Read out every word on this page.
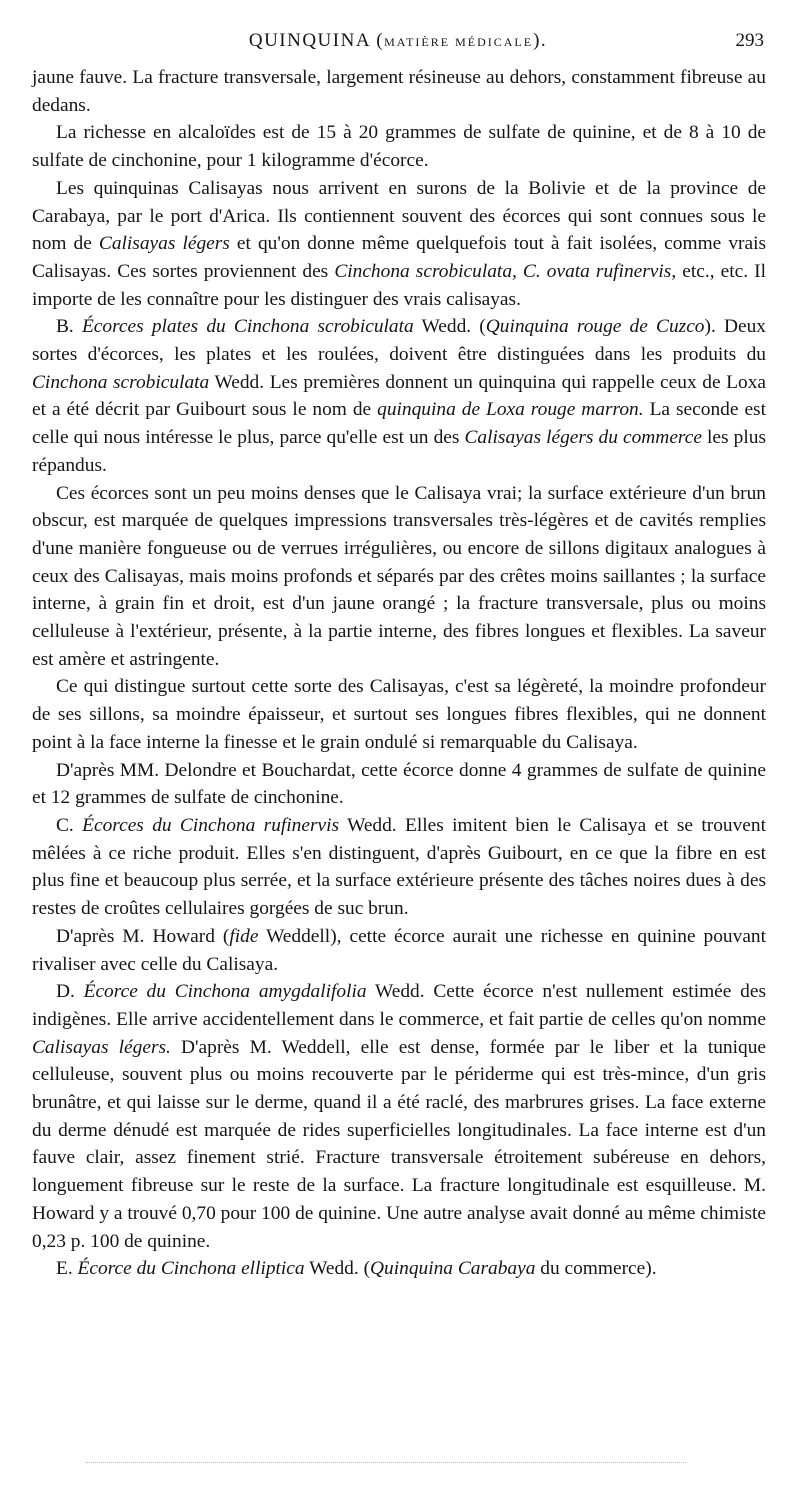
QUINQUINA (MATIÈRE MÉDICALE).	293

jaune fauve. La fracture transversale, largement résineuse au dehors, constamment fibreuse au dedans.

La richesse en alcaloïdes est de 15 à 20 grammes de sulfate de quinine, et de 8 à 10 de sulfate de cinchonine, pour 1 kilogramme d'écorce.

Les quinquinas Calisayas nous arrivent en surons de la Bolivie et de la province de Carabaya, par le port d'Arica. Ils contiennent souvent des écorces qui sont connues sous le nom de Calisayas légers et qu'on donne même quelquefois tout à fait isolées, comme vrais Calisayas. Ces sortes proviennent des Cinchona scrobiculata, C. ovata rufinervis, etc., etc. Il importe de les connaître pour les distinguer des vrais calisayas.

B. Écorces plates du Cinchona scrobiculata Wedd. (Quinquina rouge de Cuzco). Deux sortes d'écorces, les plates et les roulées, doivent être distinguées dans les produits du Cinchona scrobiculata Wedd. Les premières donnent un quinquina qui rappelle ceux de Loxa et a été décrit par Guibourt sous le nom de quinquina de Loxa rouge marron. La seconde est celle qui nous intéresse le plus, parce qu'elle est un des Calisayas légers du commerce les plus répandus.

Ces écorces sont un peu moins denses que le Calisaya vrai; la surface extérieure d'un brun obscur, est marquée de quelques impressions transversales très-légères et de cavités remplies d'une manière fongueuse ou de verrues irrégulières, ou encore de sillons digitaux analogues à ceux des Calisayas, mais moins profonds et séparés par des crêtes moins saillantes ; la surface interne, à grain fin et droit, est d'un jaune orangé ; la fracture transversale, plus ou moins celluleuse à l'extérieur, présente, à la partie interne, des fibres longues et flexibles. La saveur est amère et astringente.

Ce qui distingue surtout cette sorte des Calisayas, c'est sa légèreté, la moindre profondeur de ses sillons, sa moindre épaisseur, et surtout ses longues fibres flexibles, qui ne donnent point à la face interne la finesse et le grain ondulé si remarquable du Calisaya.

D'après MM. Delondre et Bouchardat, cette écorce donne 4 grammes de sulfate de quinine et 12 grammes de sulfate de cinchonine.

C. Écorces du Cinchona rufinervis Wedd. Elles imitent bien le Calisaya et se trouvent mêlées à ce riche produit. Elles s'en distinguent, d'après Guibourt, en ce que la fibre en est plus fine et beaucoup plus serrée, et la surface extérieure présente des tâches noires dues à des restes de croûtes cellulaires gorgées de suc brun.

D'après M. Howard (fide Weddell), cette écorce aurait une richesse en quinine pouvant rivaliser avec celle du Calisaya.

D. Écorce du Cinchona amygdalifolia Wedd. Cette écorce n'est nullement estimée des indigènes. Elle arrive accidentellement dans le commerce, et fait partie de celles qu'on nomme Calisayas légers. D'après M. Weddell, elle est dense, formée par le liber et la tunique celluleuse, souvent plus ou moins recouverte par le périderme qui est très-mince, d'un gris brunâtre, et qui laisse sur le derme, quand il a été raclé, des marbrures grises. La face externe du derme dénudé est marquée de rides superficielles longitudinales. La face interne est d'un fauve clair, assez finement strié. Fracture transversale étroitement subéreuse en dehors, longuement fibreuse sur le reste de la surface. La fracture longitudinale est esquilleuse. M. Howard y a trouvé 0,70 pour 100 de quinine. Une autre analyse avait donné au même chimiste 0,23 p. 100 de quinine.

E. Écorce du Cinchona elliptica Wedd. (Quinquina Carabaya du commerce).
